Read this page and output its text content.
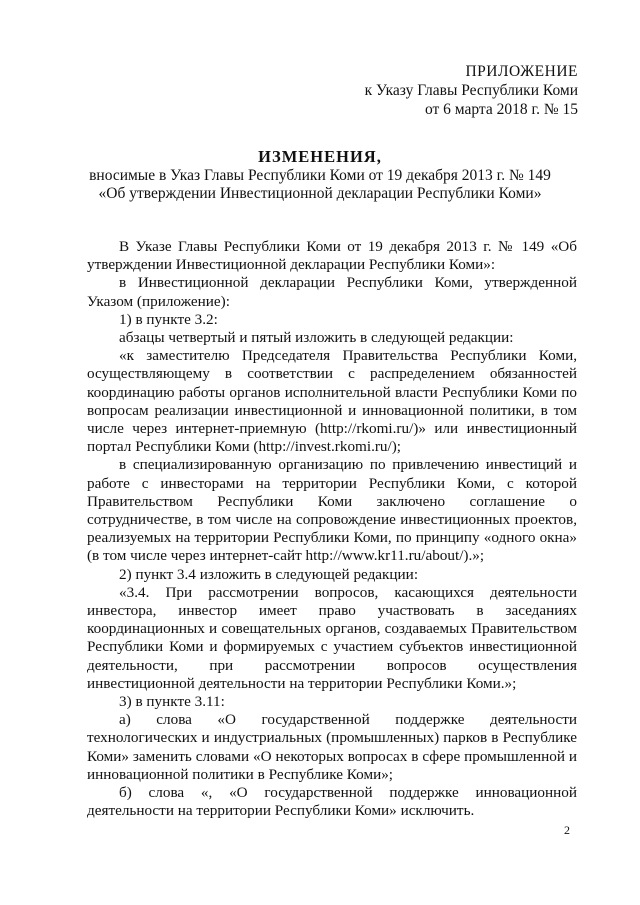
ПРИЛОЖЕНИЕ
к Указу Главы Республики Коми
от 6 марта 2018 г. № 15
ИЗМЕНЕНИЯ,
вносимые в Указ Главы Республики Коми от 19 декабря 2013 г. № 149
«Об утверждении Инвестиционной декларации Республики Коми»

В Указе Главы Республики Коми от 19 декабря 2013 г. № 149 «Об утверждении Инвестиционной декларации Республики Коми»:

в Инвестиционной декларации Республики Коми, утвержденной Указом (приложение):

1) в пункте 3.2:

абзацы четвертый и пятый изложить в следующей редакции:

«к заместителю Председателя Правительства Республики Коми, осуществляющему в соответствии с распределением обязанностей координацию работы органов исполнительной власти Республики Коми по вопросам реализации инвестиционной и инновационной политики, в том числе через интернет-приемную (http://rkomi.ru/)» или инвестиционный портал Республики Коми (http://invest.rkomi.ru/);

в специализированную организацию по привлечению инвестиций и работе с инвесторами на территории Республики Коми, с которой Правительством Республики Коми заключено соглашение о сотрудничестве, в том числе на сопровождение инвестиционных проектов, реализуемых на территории Республики Коми, по принципу «одного окна» (в том числе через интернет-сайт http://www.kr11.ru/about/).»;

2) пункт 3.4 изложить в следующей редакции:

«3.4. При рассмотрении вопросов, касающихся деятельности инвестора, инвестор имеет право участвовать в заседаниях координационных и совещательных органов, создаваемых Правительством Республики Коми и формируемых с участием субъектов инвестиционной деятельности, при рассмотрении вопросов осуществления инвестиционной деятельности на территории Республики Коми.»;

3) в пункте 3.11:

а) слова «О государственной поддержке деятельности технологических и индустриальных (промышленных) парков в Республике Коми» заменить словами «О некоторых вопросах в сфере промышленной и инновационной политики в Республике Коми»;

б) слова «, «О государственной поддержке инновационной деятельности на территории Республики Коми» исключить.

2
